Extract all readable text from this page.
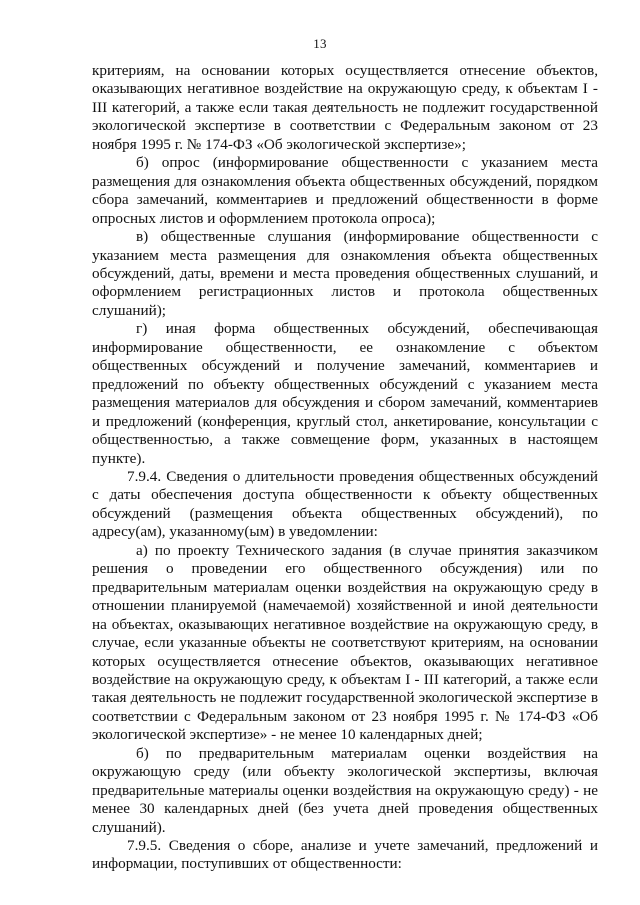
13

критериям, на основании которых осуществляется отнесение объектов, оказывающих негативное воздействие на окружающую среду, к объектам I - III категорий, а также если такая деятельность не подлежит государственной экологической экспертизе в соответствии с Федеральным законом от 23 ноября 1995 г. № 174-ФЗ «Об экологической экспертизе»;

б) опрос (информирование общественности с указанием места размещения для ознакомления объекта общественных обсуждений, порядком сбора замечаний, комментариев и предложений общественности в форме опросных листов и оформлением протокола опроса);

в) общественные слушания (информирование общественности с указанием места размещения для ознакомления объекта общественных обсуждений, даты, времени и места проведения общественных слушаний, и оформлением регистрационных листов и протокола общественных слушаний);

г) иная форма общественных обсуждений, обеспечивающая информирование общественности, ее ознакомление с объектом общественных обсуждений и получение замечаний, комментариев и предложений по объекту общественных обсуждений с указанием места размещения материалов для обсуждения и сбором замечаний, комментариев и предложений (конференция, круглый стол, анкетирование, консультации с общественностью, а также совмещение форм, указанных в настоящем пункте).

7.9.4. Сведения о длительности проведения общественных обсуждений с даты обеспечения доступа общественности к объекту общественных обсуждений (размещения объекта общественных обсуждений), по адресу(ам), указанному(ым) в уведомлении:

а) по проекту Технического задания (в случае принятия заказчиком решения о проведении его общественного обсуждения) или по предварительным материалам оценки воздействия на окружающую среду в отношении планируемой (намечаемой) хозяйственной и иной деятельности на объектах, оказывающих негативное воздействие на окружающую среду, в случае, если указанные объекты не соответствуют критериям, на основании которых осуществляется отнесение объектов, оказывающих негативное воздействие на окружающую среду, к объектам I - III категорий, а также если такая деятельность не подлежит государственной экологической экспертизе в соответствии с Федеральным законом от 23 ноября 1995 г. № 174-ФЗ «Об экологической экспертизе» - не менее 10 календарных дней;

б) по предварительным материалам оценки воздействия на окружающую среду (или объекту экологической экспертизы, включая предварительные материалы оценки воздействия на окружающую среду) - не менее 30 календарных дней (без учета дней проведения общественных слушаний).

7.9.5. Сведения о сборе, анализе и учете замечаний, предложений и информации, поступивших от общественности:
